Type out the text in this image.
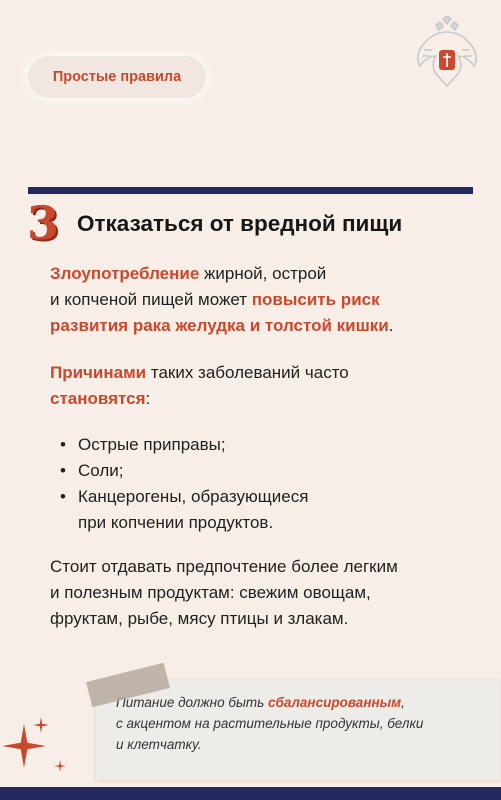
Простые правила
3 Отказаться от вредной пищи
Злоупотребление жирной, острой
и копченой пищей может повысить риск
развития рака желудка и толстой кишки.
Причинами таких заболеваний часто
становятся:
• Острые приправы;
• Соли;
• Канцерогены, образующиеся
при копчении продуктов.
Стоит отдавать предпочтение более легким
и полезным продуктам: свежим овощам,
фруктам, рыбе, мясу птицы и злакам.
Питание должно быть сбалансированным,
с акцентом на растительные продукты, белки
и клетчатку.
